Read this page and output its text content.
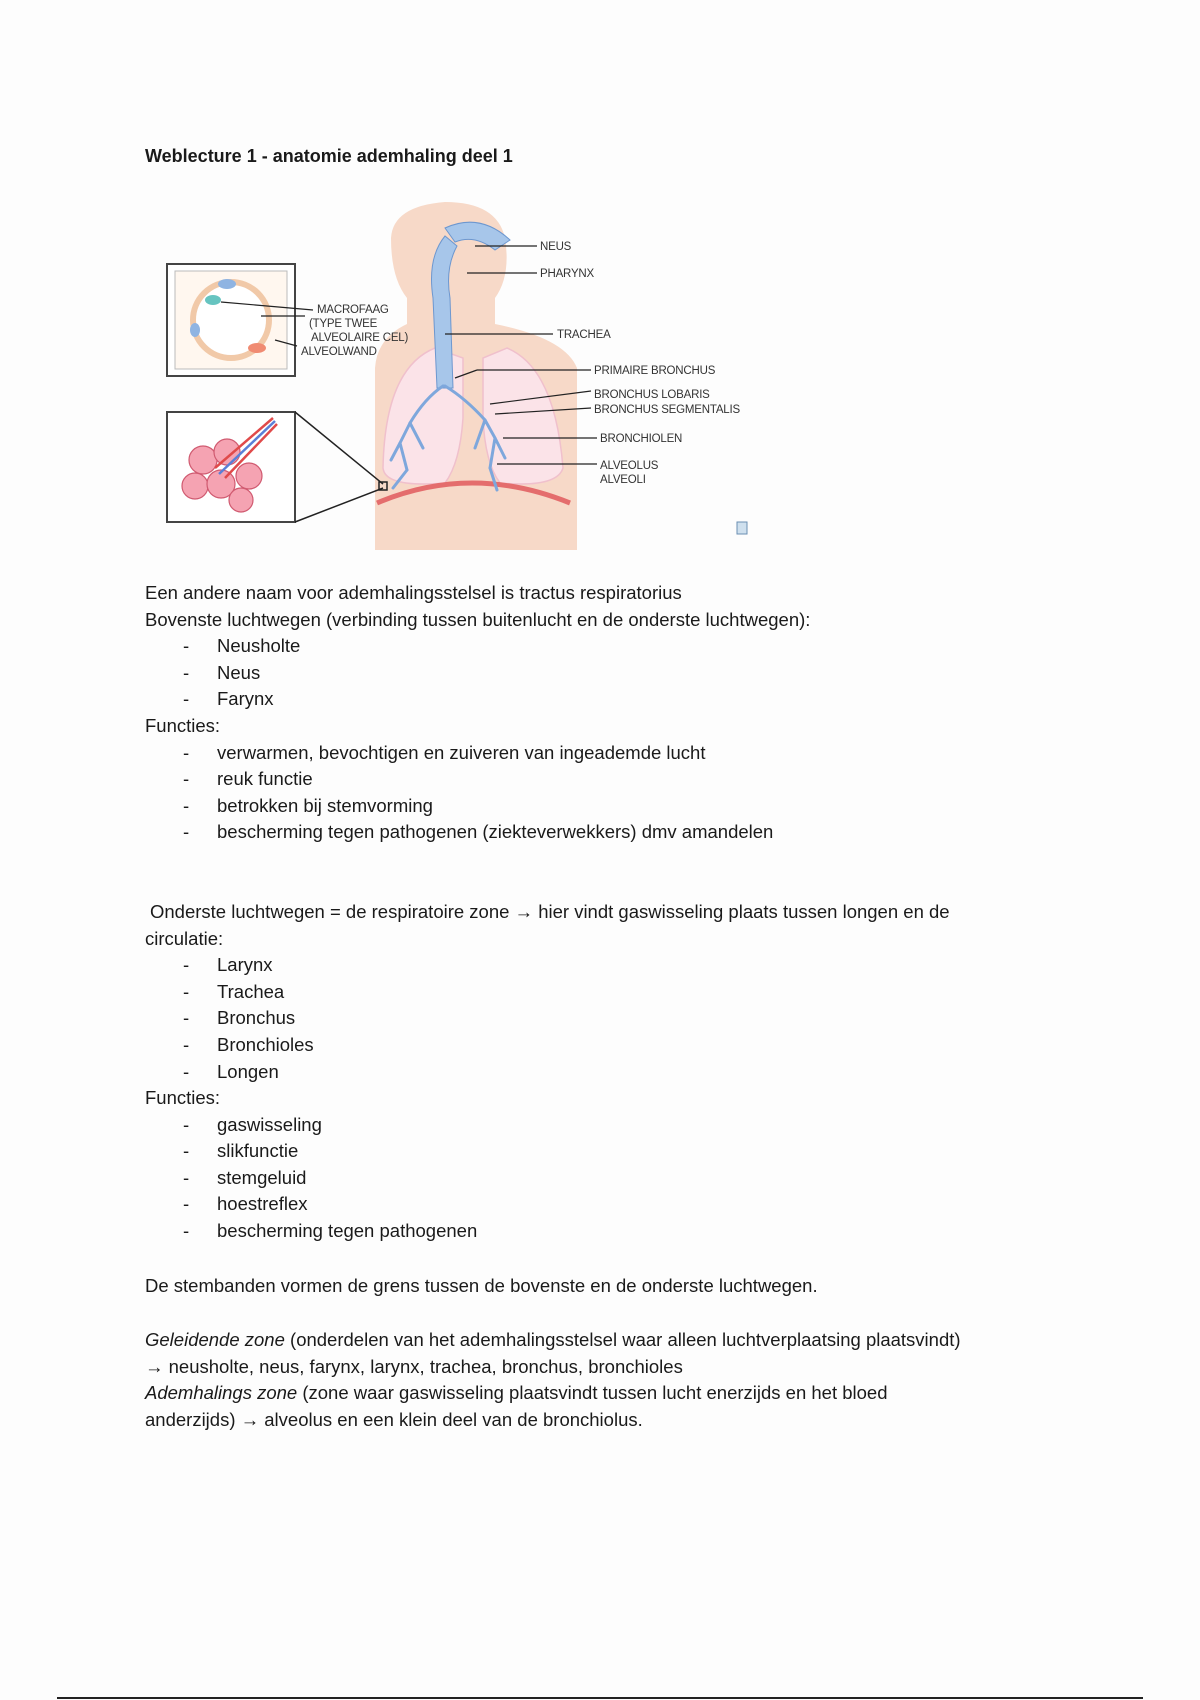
Weblecture 1 - anatomie ademhaling deel 1
NEUS
PHARYNX
TRACHEA
PRIMAIRE BRONCHUS
BRONCHUS LOBARIS
BRONCHUS SEGMENTALIS
BRONCHIOLEN
ALVEOLUS
ALVEOLI
MACROFAAG
(TYPE TWEE
ALVEOLAIRE CEL)
ALVEOLWAND

Een andere naam voor ademhalingsstelsel is tractus respiratorius

Bovenste luchtwegen (verbinding tussen buitenlucht en de onderste luchtwegen):

- Neusholte
- Neus
- Farynx

Functies:

- verwarmen, bevochtigen en zuiveren van ingeademde lucht
- reuk functie
- betrokken bij stemvorming
- bescherming tegen pathogenen (ziekteverwekkers) dmv amandelen

Onderste luchtwegen = de respiratoire zone → hier vindt gaswisseling plaats tussen longen en de

circulatie:

- Larynx
- Trachea
- Bronchus
- Bronchioles
- Longen

Functies:

- gaswisseling
- slikfunctie
- stemgeluid
- hoestreflex
- bescherming tegen pathogenen

De stembanden vormen de grens tussen de bovenste en de onderste luchtwegen.

Geleidende zone (onderdelen van het ademhalingsstelsel waar alleen luchtverplaatsing plaatsvindt)

→ neusholte, neus, farynx, larynx, trachea, bronchus, bronchioles

Ademhalings zone (zone waar gaswisseling plaatsvindt tussen lucht enerzijds en het bloed

anderzijds) → alveolus en een klein deel van de bronchiolus.
